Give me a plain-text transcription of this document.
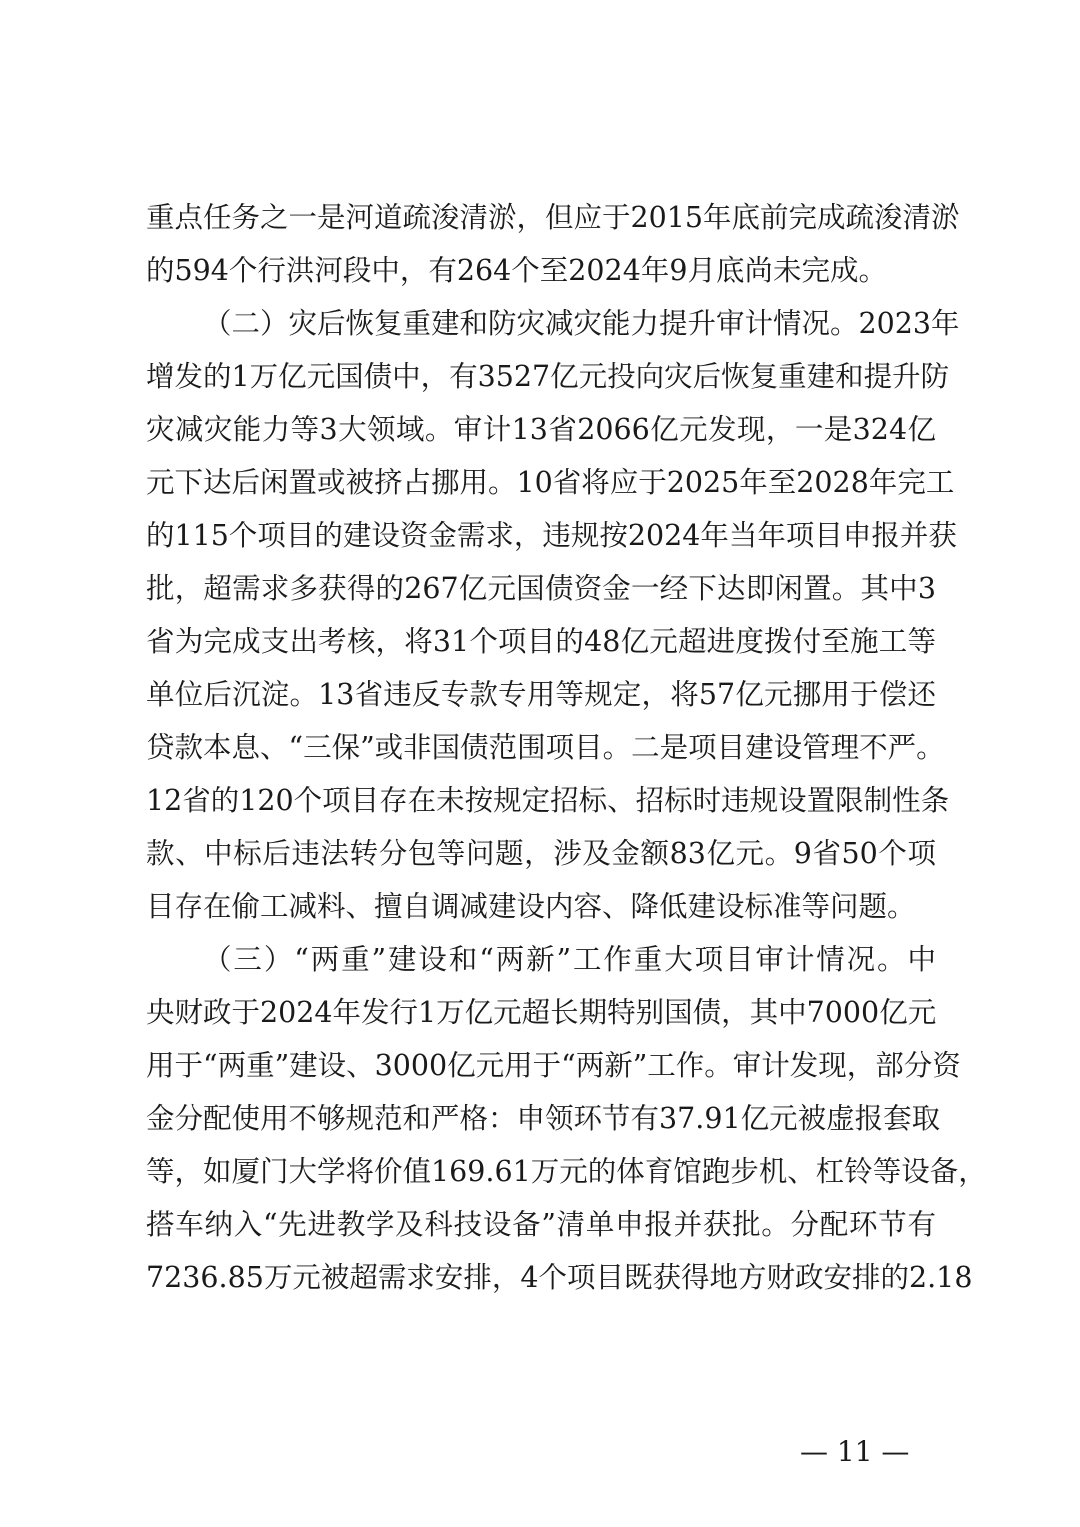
重点任务之一是河道疏浚清淤，但应于2015年底前完成疏浚清淤
的594个行洪河段中，有264个至2024年9月底尚未完成。
（二）灾后恢复重建和防灾减灾能力提升审计情况。2023年
增发的1万亿元国债中，有3527亿元投向灾后恢复重建和提升防
灾减灾能力等3大领域。审计13省2066亿元发现，一是324亿
元下达后闲置或被挤占挪用。10省将应于2025年至2028年完工
的115个项目的建设资金需求，违规按2024年当年项目申报并获
批，超需求多获得的267亿元国债资金一经下达即闲置。其中3
省为完成支出考核，将31个项目的48亿元超进度拨付至施工等
单位后沉淀。13省违反专款专用等规定，将57亿元挪用于偿还
贷款本息、“三保”或非国债范围项目。二是项目建设管理不严。
12省的120个项目存在未按规定招标、招标时违规设置限制性条
款、中标后违法转分包等问题，涉及金额83亿元。9省50个项
目存在偷工减料、擅自调减建设内容、降低建设标准等问题。
（三）“两重”建设和“两新”工作重大项目审计情况。中
央财政于2024年发行1万亿元超长期特别国债，其中7000亿元
用于“两重”建设、3000亿元用于“两新”工作。审计发现，部分资
金分配使用不够规范和严格：申领环节有37.91亿元被虚报套取
等，如厦门大学将价值169.61万元的体育馆跑步机、杠铃等设备，
搭车纳入“先进教学及科技设备”清单申报并获批。分配环节有
7236.85万元被超需求安排，4个项目既获得地方财政安排的2.18
— 11 —
